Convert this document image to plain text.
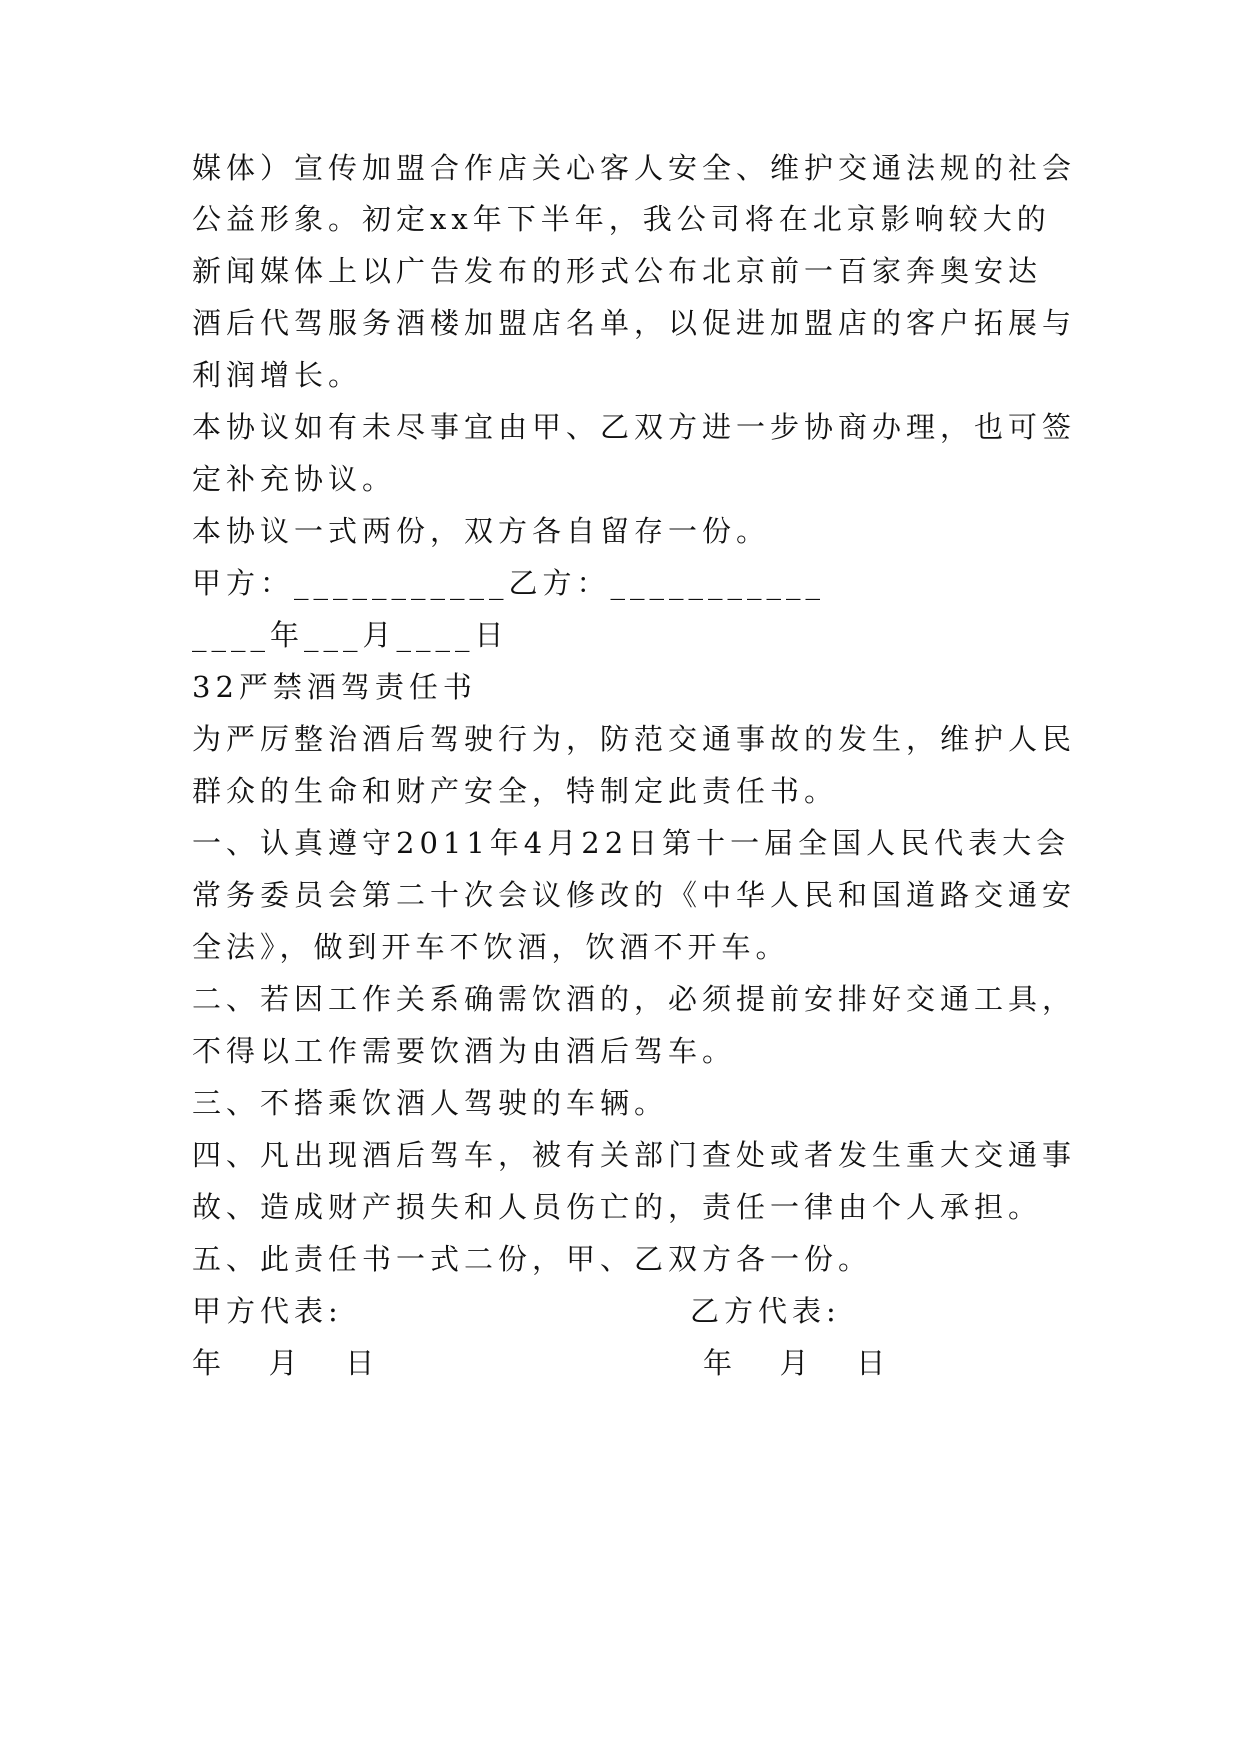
媒体）宣传加盟合作店关心客人安全、维护交通法规的社会
公益形象。初定xx年下半年，我公司将在北京影响较大的
新闻媒体上以广告发布的形式公布北京前一百家奔奥安达
酒后代驾服务酒楼加盟店名单，以促进加盟店的客户拓展与
利润增长。
本协议如有未尽事宜由甲、乙双方进一步协商办理，也可签
定补充协议。
本协议一式两份，双方各自留存一份。
甲方：___________乙方：___________
____年___月____日
32严禁酒驾责任书
为严厉整治酒后驾驶行为，防范交通事故的发生，维护人民
群众的生命和财产安全，特制定此责任书。
一、认真遵守2011年4月22日第十一届全国人民代表大会
常务委员会第二十次会议修改的《中华人民和国道路交通安
全法》，做到开车不饮酒，饮酒不开车。
二、若因工作关系确需饮酒的，必须提前安排好交通工具，
不得以工作需要饮酒为由酒后驾车。
三、不搭乘饮酒人驾驶的车辆。
四、凡出现酒后驾车，被有关部门查处或者发生重大交通事
故、造成财产损失和人员伤亡的，责任一律由个人承担。
五、此责任书一式二份，甲、乙双方各一份。
甲方代表:	乙方代表:
年   月   日	年   月   日
